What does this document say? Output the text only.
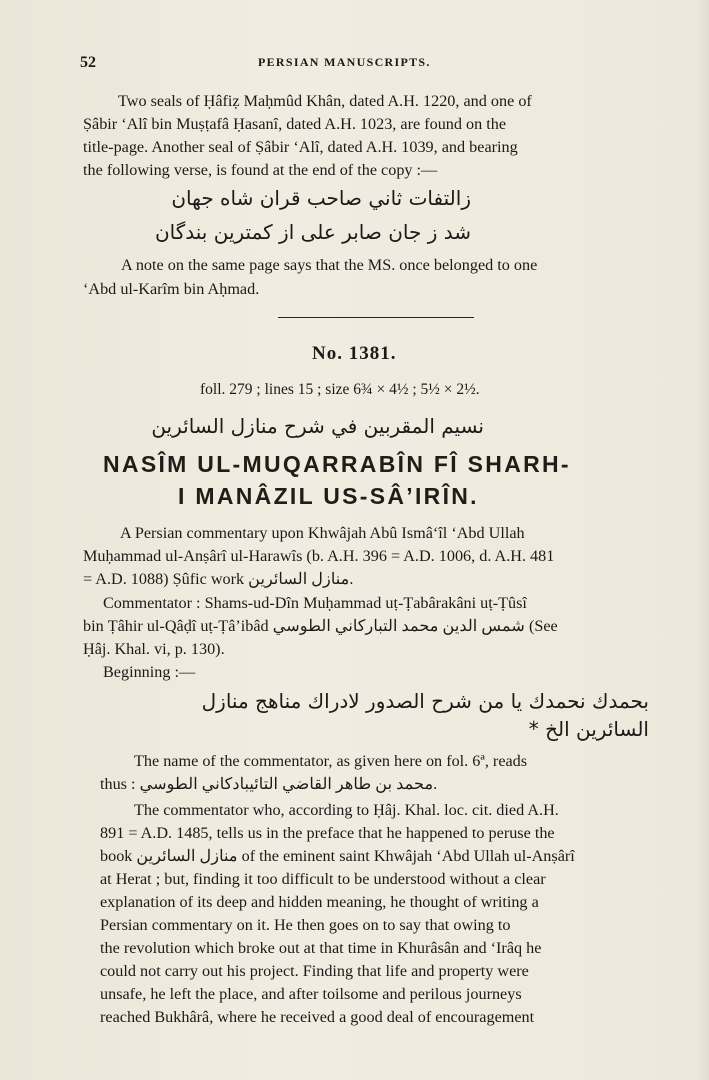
52	PERSIAN MANUSCRIPTS.
Two seals of Ḥâfiẓ Maḥmûd Khân, dated A.H. 1220, and one of
Ṣâbir ‘Alî bin Muṣṭafâ Ḥasanî, dated A.H. 1023, are found on the
title-page. Another seal of Ṣâbir ‘Alî, dated A.H. 1039, and bearing
the following verse, is found at the end of the copy :—
زالتفات ثاني صاحب قران شاه جهان
شد ز جان صابر علی از کمترین بندگان
A note on the same page says that the MS. once belonged to one
‘Abd ul-Karîm bin Aḥmad.
No. 1381.
foll. 279 ; lines 15 ; size 6¾ × 4½ ; 5½ × 2½.
نسيم المقربين في شرح منازل السائرين
NASÎM UL-MUQARRABÎN FÎ SHARH-
I MANÂZIL US-SÂ’IRÎN.
A Persian commentary upon Khwâjah Abû Ismâ‘îl ‘Abd Ullah
Muḥammad ul-Anṣârî ul-Harawîs (b. A.H. 396 = A.D. 1006, d. A.H. 481
= A.D. 1088) Ṣûfic work منازل السائرين.
Commentator : Shams-ud-Dîn Muḥammad uṭ-Ṭabârakâni uṭ-Ṭûsî
bin Ṭâhir ul-Qâḍî uṭ-Ṭâ’ibâd شمس الدين محمد التباركاني الطوسي (See
Ḥâj. Khal. vi, p. 130).
Beginning :—
بحمدك نحمدك يا من شرح الصدور لادراك مناهج منازل
السائرين الخ *
The name of the commentator, as given here on fol. 6ª, reads
thus : محمد بن طاهر القاضي التائيبادكاني الطوسي.
The commentator who, according to Ḥâj. Khal. loc. cit. died A.H.
891 = A.D. 1485, tells us in the preface that he happened to peruse the
book منازل السائرين of the eminent saint Khwâjah ‘Abd Ullah ul-Anṣârî
at Herat ; but, finding it too difficult to be understood without a clear
explanation of its deep and hidden meaning, he thought of writing a
Persian commentary on it. He then goes on to say that owing to
the revolution which broke out at that time in Khurâsân and ‘Irâq he
could not carry out his project. Finding that life and property were
unsafe, he left the place, and after toilsome and perilous journeys
reached Bukhârâ, where he received a good deal of encouragement
